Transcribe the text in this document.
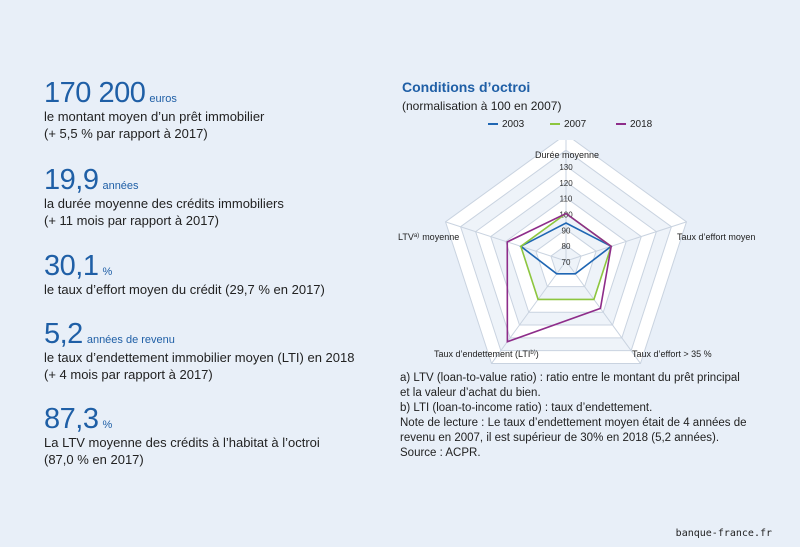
170 200 euros
le montant moyen d’un prêt immobilier
(+ 5,5 % par rapport à 2017)
19,9 années
la durée moyenne des crédits immobiliers
(+ 11 mois par rapport à 2017)
30,1 %
le taux d’effort moyen du crédit (29,7 % en 2017)
5,2 années de revenu
le taux d’endettement immobilier moyen (LTI) en 2018
(+ 4 mois par rapport à 2017)
87,3 %
La LTV moyenne des crédits à l’habitat à l’octroi
(87,0 % en 2017)
Conditions d’octroi
(normalisation à 100 en 2007)
2003	2007	2018
70
80
90
100
110
120
130
Durée moyenne
Taux d’effort moyen
Taux d’effort > 35 %
Taux d’endettement (LTI$^{b)}$)
LTV$^{a)}$ moyenne
a) LTV (loan-to-value ratio) : ratio entre le montant du prêt principal
et la valeur d’achat du bien.
b) LTI (loan-to-income ratio) : taux d’endettement.
Note de lecture : Le taux d’endettement moyen était de 4 années de
revenu en 2007, il est supérieur de 30% en 2018 (5,2 années).
Source : ACPR.
banque-france.fr
